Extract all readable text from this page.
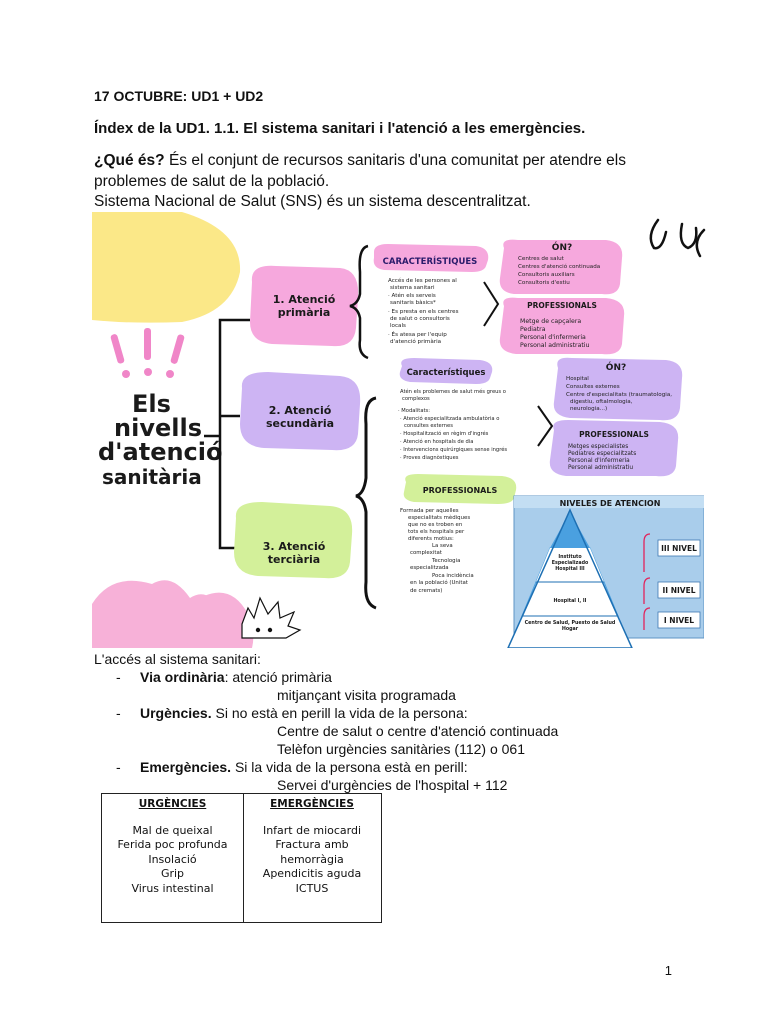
17 OCTUBRE: UD1 + UD2
Índex de la UD1. 1.1. El sistema sanitari i l'atenció a les emergències.
¿Qué és? És el conjunt de recursos sanitaris d'una comunitat per atendre els
problemes de salut de la població.
Sistema Nacional de Salut (SNS) és un sistema descentralitzat.
Els
nivells
d'atenció
sanitària
1. Atenció
primària
2. Atenció
secundària
3. Atenció
terciària
CARACTERÍSTIQUES
Accés de les persones al
sistema sanitari
· Atén els serveis
sanitaris bàsics*
· Es presta en els centres
de salut o consultoris
locals
· És atesa per l'equip
d'atenció primària
ÓN?
Centres de salut
Centres d'atenció continuada
Consultoris auxiliars
Consultoris d'estiu
PROFESSIONALS
Metge de capçalera
Pediatra
Personal d'infermeria
Personal administratiu
Característiques
Atén els problemes de salut més greus o
complexos
· Modalitats:
· Atenció especialitzada ambulatòria o
consultes externes
· Hospitalització en règim d'ingrés
· Atenció en hospitals de dia
· Intervencions quirúrgiques sense ingrés
· Proves diagnòstiques
ÓN?
Hospital
Consultes externes
Centre d'especialitats (traumatologia,
digestiu, oftalmologia,
neurologia...)
PROFESSIONALS
Metges especialistes
Pediatres especialitzats
Personal d'infermeria
Personal administratiu
PROFESSIONALS
Formada per aquelles
especialitats mèdiques
que no es troben en
tots els hospitals per
diferents motius:
La seva
complexitat
Tecnologia
especialitzada
Poca incidència
en la població (Unitat
de cremats)
NIVELES DE ATENCION
Instituto
Especializado
Hospital III
Hospital I, II
Centro de Salud, Puesto de Salud
Hogar
III NIVEL
II NIVEL
I NIVEL
L'accés al sistema sanitari:
- Via ordinària: atenció primària
mitjançant visita programada
- Urgències. Si no està en perill la vida de la persona:
Centre de salut o centre d'atenció continuada
Telèfon urgències sanitàries (112) o 061
- Emergències. Si la vida de la persona està en perill:
Servei d'urgències de l'hospital + 112
URGÈNCIES
Mal de queixal
Ferida poc profunda
Insolació
Grip
Virus intestinal
EMERGÈNCIES
Infart de miocardi
Fractura amb hemorràgia
Apendicitis aguda
ICTUS
1
